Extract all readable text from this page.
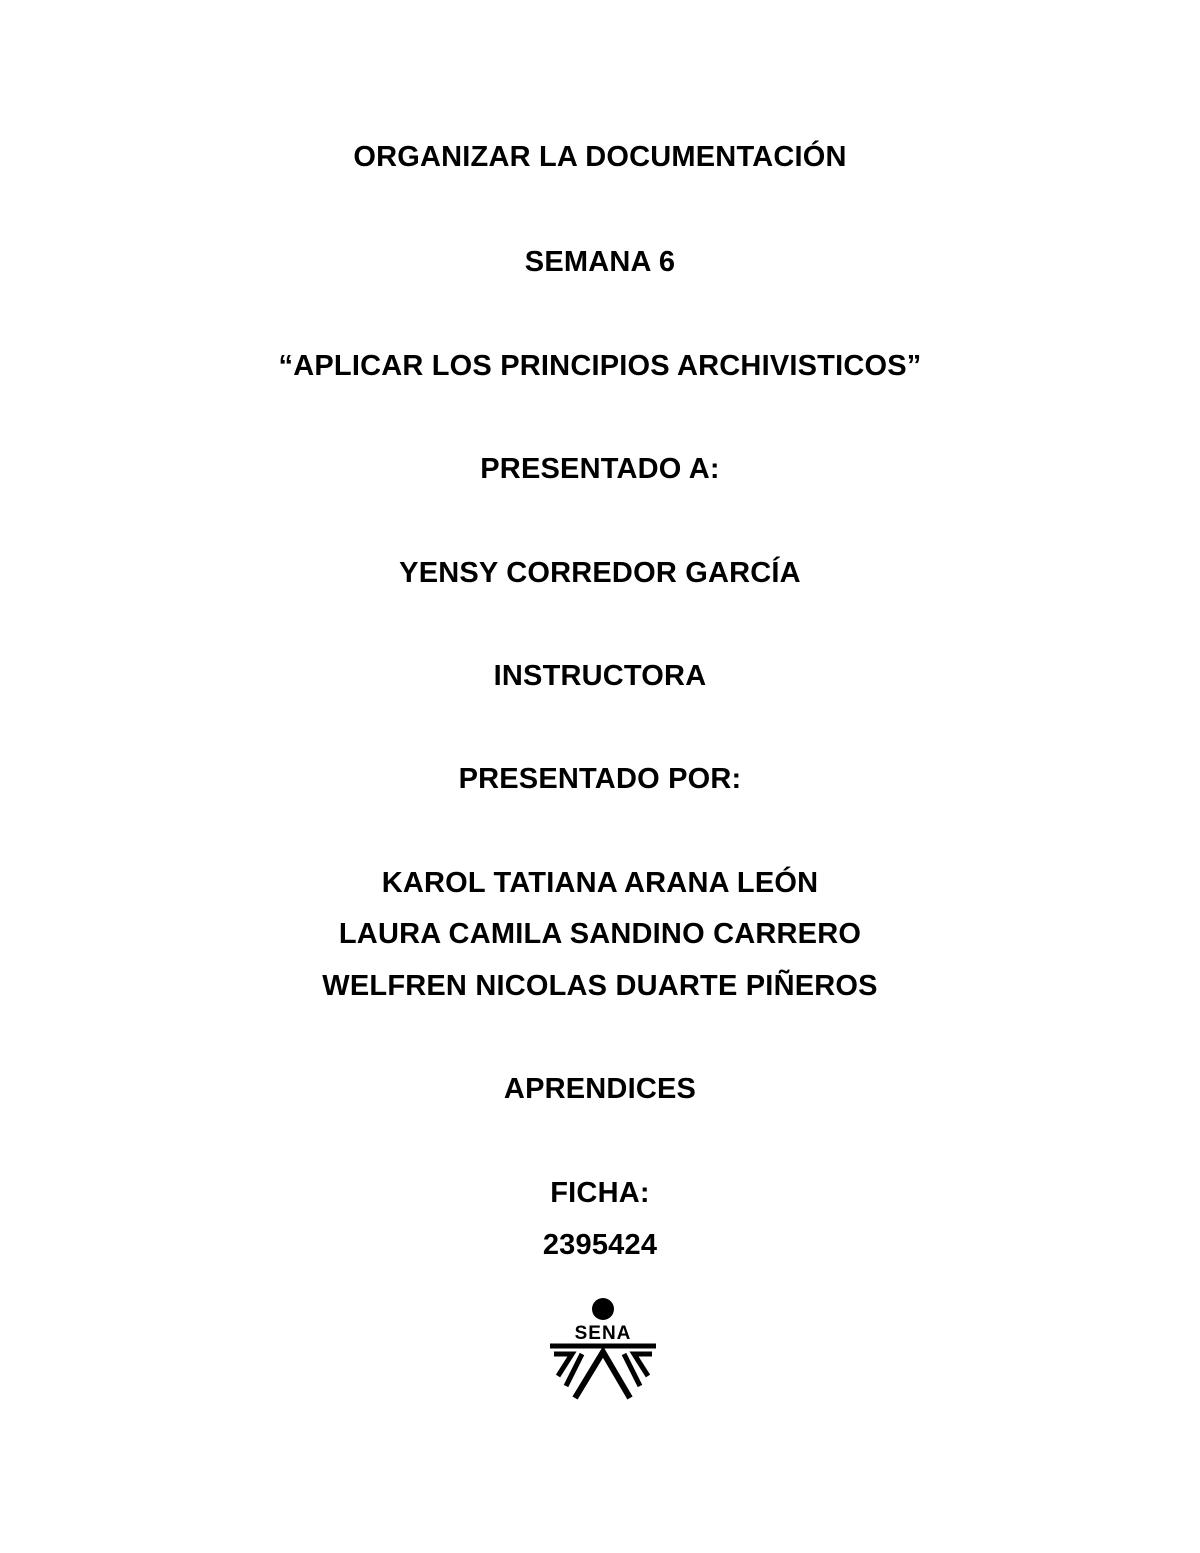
ORGANIZAR LA DOCUMENTACIÓN
SEMANA 6
“APLICAR LOS PRINCIPIOS ARCHIVISTICOS”
PRESENTADO A:
YENSY CORREDOR GARCÍA
INSTRUCTORA
PRESENTADO POR:
KAROL TATIANA ARANA LEÓN
LAURA CAMILA SANDINO CARRERO
WELFREN NICOLAS DUARTE PIÑEROS
APRENDICES
FICHA:
2395424
SENA
